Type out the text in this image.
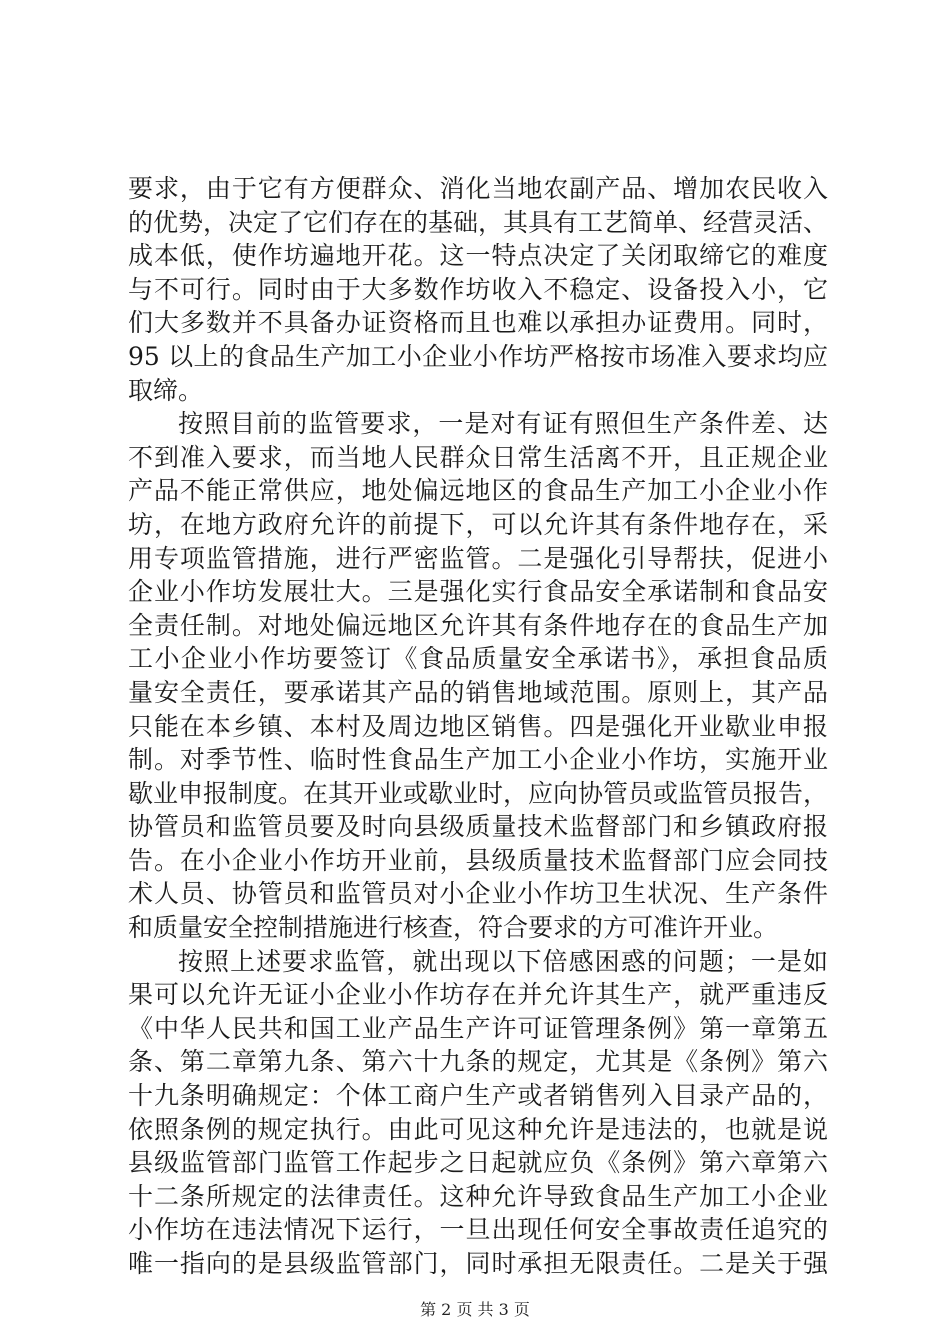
要求，由于它有方便群众、消化当地农副产品、增加农民收入
的优势，决定了它们存在的基础，其具有工艺简单、经营灵活、
成本低，使作坊遍地开花。这一特点决定了关闭取缔它的难度
与不可行。同时由于大多数作坊收入不稳定、设备投入小，它
们大多数并不具备办证资格而且也难以承担办证费用。同时，
95 以上的食品生产加工小企业小作坊严格按市场准入要求均应
取缔。
按照目前的监管要求，一是对有证有照但生产条件差、达
不到准入要求，而当地人民群众日常生活离不开，且正规企业
产品不能正常供应，地处偏远地区的食品生产加工小企业小作
坊，在地方政府允许的前提下，可以允许其有条件地存在，采
用专项监管措施，进行严密监管。二是强化引导帮扶，促进小
企业小作坊发展壮大。三是强化实行食品安全承诺制和食品安
全责任制。对地处偏远地区允许其有条件地存在的食品生产加
工小企业小作坊要签订《食品质量安全承诺书》，承担食品质
量安全责任，要承诺其产品的销售地域范围。原则上，其产品
只能在本乡镇、本村及周边地区销售。四是强化开业歇业申报
制。对季节性、临时性食品生产加工小企业小作坊，实施开业
歇业申报制度。在其开业或歇业时，应向协管员或监管员报告，
协管员和监管员要及时向县级质量技术监督部门和乡镇政府报
告。在小企业小作坊开业前，县级质量技术监督部门应会同技
术人员、协管员和监管员对小企业小作坊卫生状况、生产条件
和质量安全控制措施进行核查，符合要求的方可准许开业。
按照上述要求监管，就出现以下倍感困惑的问题；一是如
果可以允许无证小企业小作坊存在并允许其生产，就严重违反
《中华人民共和国工业产品生产许可证管理条例》第一章第五
条、第二章第九条、第六十九条的规定，尤其是《条例》第六
十九条明确规定：个体工商户生产或者销售列入目录产品的，
依照条例的规定执行。由此可见这种允许是违法的，也就是说
县级监管部门监管工作起步之日起就应负《条例》第六章第六
十二条所规定的法律责任。这种允许导致食品生产加工小企业
小作坊在违法情况下运行，一旦出现任何安全事故责任追究的
唯一指向的是县级监管部门，同时承担无限责任。二是关于强
第 2 页 共 3 页
